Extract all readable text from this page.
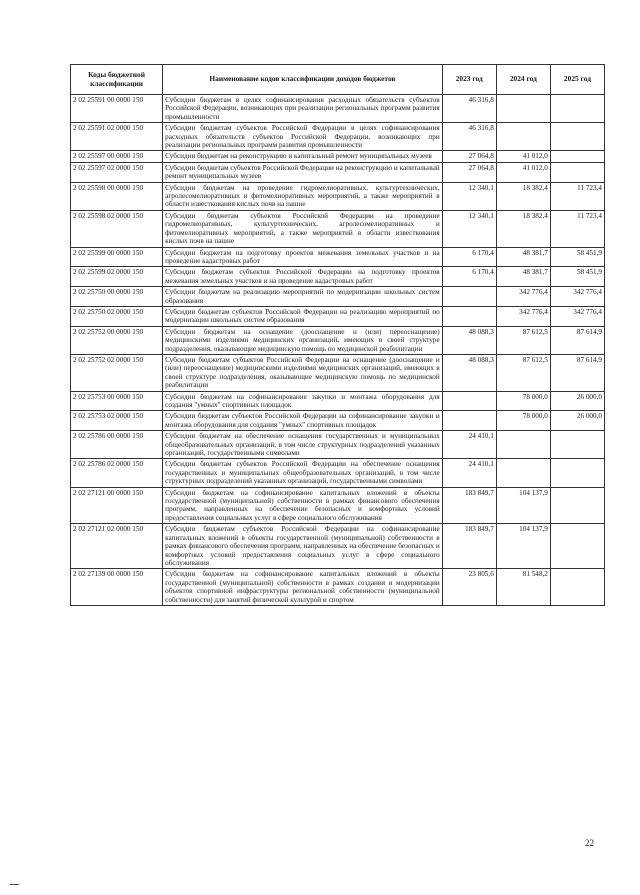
Коды бюджетной классификации	Наименование кодов классификации доходов бюджетов	2023 год	2024 год	2025 год
2 02 25591 00 0000 150	Субсидии бюджетам в целях софинансирования расходных обязательств субъектов Российской Федерации, возникающих при реализации региональных программ развития промышленности	46 316,8		
2 02 25591 02 0000 150	Субсидии бюджетам субъектов Российской Федерации в целях софинансирования расходных обязательств субъектов Российской Федерации, возникающих при реализации региональных программ развития промышленности	46 316,8		
2 02 25597 00 0000 150	Субсидии бюджетам на реконструкцию и капитальный ремонт муниципальных музеев	27 064,8	41 012,0	
2 02 25597 02 0000 150	Субсидии бюджетам субъектов Российской Федерации на реконструкцию и капитальный ремонт муниципальных музеев	27 064,8	41 012,0	
2 02 25598 00 0000 150	Субсидии бюджетам на проведение гидромелиоративных, культуртехнических, агролесомелиоративных и фитомелиоративных мероприятий, а также мероприятий в области известкования кислых почв на пашне	12 340,1	18 382,4	11 723,4
2 02 25598 02 0000 150	Субсидии бюджетам субъектов Российской Федерации на проведение гидромелиоративных, культуртехнических, агролесомелиоративных и фитомелиоративных мероприятий, а также мероприятий в области известкования кислых почв на пашне	12 340,1	18 382,4	11 723,4
2 02 25599 00 0000 150	Субсидии бюджетам на подготовку проектов межевания земельных участков и на проведение кадастровых работ	6 170,4	48 381,7	58 451,9
2 02 25599 02 0000 150	Субсидии бюджетам субъектов Российской Федерации на подготовку проектов межевания земельных участков и на проведение кадастровых работ	6 170,4	48 381,7	58 451,9
2 02 25750 00 0000 150	Субсидии бюджетам на реализацию мероприятий по модернизации школьных систем образования		342 776,4	342 776,4
2 02 25750 02 0000 150	Субсидии бюджетам субъектов Российской Федерации на реализацию мероприятий по модернизации школьных систем образования		342 776,4	342 776,4
2 02 25752 00 0000 150	Субсидии бюджетам на оснащение (дооснащение и (или) переоснащение) медицинскими изделиями медицинских организаций, имеющих в своей структуре подразделения, оказывающие медицинскую помощь по медицинской реабилитации	48 088,3	87 612,5	87 614,9
2 02 25752 02 0000 150	Субсидии бюджетам субъектов Российской Федерации на оснащение (дооснащение и (или) переоснащение) медицинскими изделиями медицинских организаций, имеющих в своей структуре подразделения, оказывающие медицинскую помощь по медицинской реабилитации	48 088,3	87 612,5	87 614,9
2 02 25753 00 0000 150	Субсидии бюджетам на софинансирование закупки и монтажа оборудования для создания "умных" спортивных площадок		78 000,0	26 000,0
2 02 25753 02 0000 150	Субсидии бюджетам субъектов Российской Федерации на софинансирование закупки и монтажа оборудования для создания "умных" спортивных площадок		78 000,0	26 000,0
2 02 25786 00 0000 150	Субсидии бюджетам на обеспечение оснащения государственных и муниципальных общеобразовательных организаций, в том числе структурных подразделений указанных организаций, государственными символами	24 410,1		
2 02 25786 02 0000 150	Субсидии бюджетам субъектов Российской Федерации на обеспечение оснащения государственных и муниципальных общеобразовательных организаций, в том числе структурных подразделений указанных организаций, государственными символами	24 410,1		
2 02 27121 00 0000 150	Субсидии бюджетам на софинансирование капитальных вложений в объекты государственной (муниципальной) собственности в рамках финансового обеспечения программ, направленных на обеспечение безопасных и комфортных условий предоставления социальных услуг в сфере социального обслуживания	183 849,7	104 137,9	
2 02 27121 02 0000 150	Субсидии бюджетам субъектов Российской Федерации на софинансирование капитальных вложений в объекты государственной (муниципальной) собственности в рамках финансового обеспечения программ, направленных на обеспечение безопасных и комфортных условий предоставления социальных услуг в сфере социального обслуживания	183 849,7	104 137,9	
2 02 27139 00 0000 150	Субсидии бюджетам на софинансирование капитальных вложений в объекты государственной (муниципальной) собственности в рамках создания и модернизации объектов спортивной инфраструктуры региональной собственности (муниципальной собственности) для занятий физической культурой и спортом	23 805,6	81 548,2	
22
